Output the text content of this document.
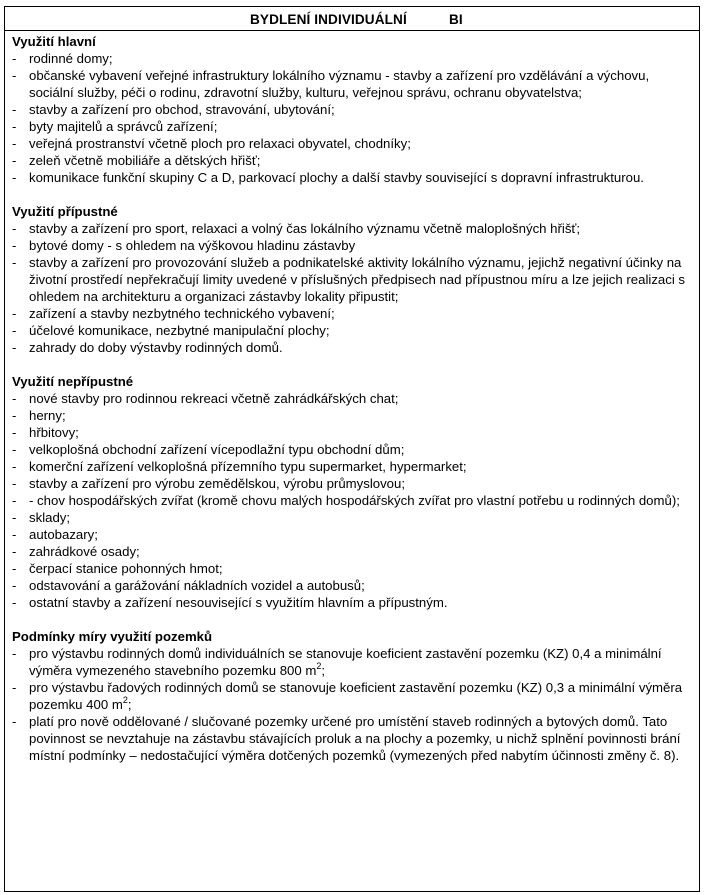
BYDLENÍ INDIVIDUÁLNÍ	BI

Využití hlavní

- rodinné domy;
- občanské vybavení veřejné infrastruktury lokálního významu - stavby a zařízení pro vzdělávání a výchovu, sociální služby, péči o rodinu, zdravotní služby, kulturu, veřejnou správu, ochranu obyvatelstva;
- stavby a zařízení pro obchod, stravování, ubytování;
- byty majitelů a správců zařízení;
- veřejná prostranství včetně ploch pro relaxaci obyvatel, chodníky;
- zeleň včetně mobiliáře a dětských hřišť;
- komunikace funkční skupiny C a D, parkovací plochy a další stavby související s dopravní infrastrukturou.

Využití přípustné

- stavby a zařízení pro sport, relaxaci a volný čas lokálního významu včetně maloplošných hřišť;
- bytové domy - s ohledem na výškovou hladinu zástavby
- stavby a zařízení pro provozování služeb a podnikatelské aktivity lokálního významu, jejichž negativní účinky na životní prostředí nepřekračují limity uvedené v příslušných předpisech nad přípustnou míru a lze jejich realizaci s ohledem na architekturu a organizaci zástavby lokality připustit;
- zařízení a stavby nezbytného technického vybavení;
- účelové komunikace, nezbytné manipulační plochy;
- zahrady do doby výstavby rodinných domů.

Využití nepřípustné

- nové stavby pro rodinnou rekreaci včetně zahrádkářských chat;
- herny;
- hřbitovy;
- velkoplošná obchodní zařízení vícepodlažní typu obchodní dům;
- komerční zařízení velkoplošná přízemního typu supermarket, hypermarket;
- stavby a zařízení pro výrobu zemědělskou, výrobu průmyslovou;
- - chov hospodářských zvířat (kromě chovu malých hospodářských zvířat pro vlastní potřebu u rodinných domů);
- sklady;
- autobazary;
- zahrádkové osady;
- čerpací stanice pohonných hmot;
- odstavování a garážování nákladních vozidel a autobusů;
- ostatní stavby a zařízení nesouvisející s využitím hlavním a přípustným.

Podmínky míry využití pozemků

- pro výstavbu rodinných domů individuálních se stanovuje koeficient zastavění pozemku (KZ) 0,4 a minimální výměra vymezeného stavebního pozemku 800 $m^2$;
- pro výstavbu řadových rodinných domů se stanovuje koeficient zastavění pozemku (KZ) 0,3 a minimální výměra pozemku 400 $m^2$;
- platí pro nově oddělované / slučované pozemky určené pro umístění staveb rodinných a bytových domů. Tato povinnost se nevztahuje na zástavbu stávajících proluk a na plochy a pozemky, u nichž splnění povinnosti brání místní podmínky – nedostačující výměra dotčených pozemků (vymezených před nabytím účinnosti změny č. 8).
